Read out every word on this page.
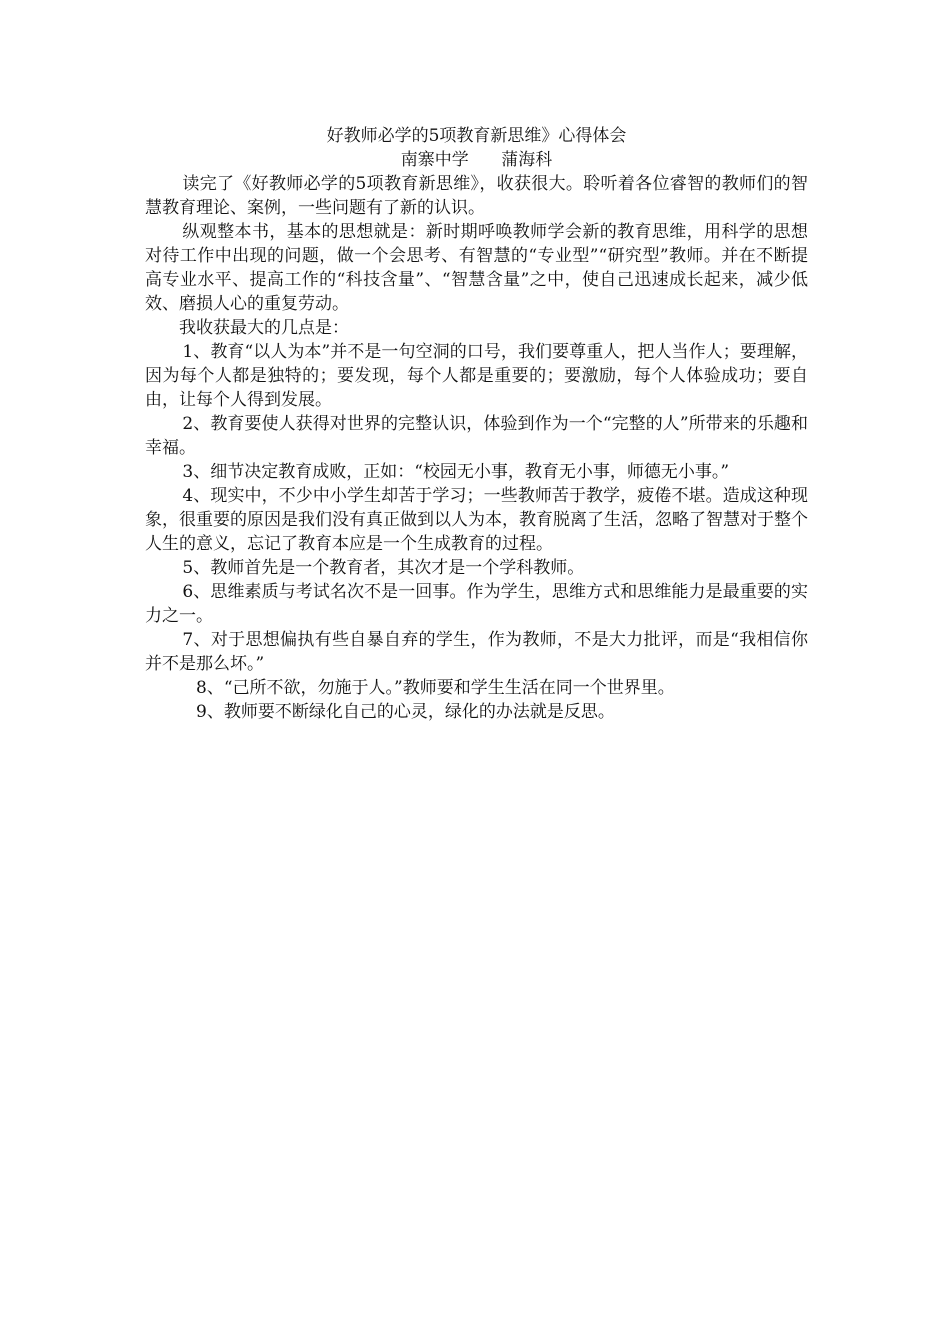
好教师必学的5项教育新思维》心得体会

南寨中学      蒲海科

读完了《好教师必学的5项教育新思维》，收获很大。聆听着各位睿智的教师们的智慧教育理论、案例，一些问题有了新的认识。

纵观整本书，基本的思想就是：新时期呼唤教师学会新的教育思维，用科学的思想对待工作中出现的问题，做一个会思考、有智慧的“专业型”“研究型”教师。并在不断提高专业水平、提高工作的“科技含量”、“智慧含量”之中，使自己迅速成长起来，减少低效、磨损人心的重复劳动。

我收获最大的几点是：

1、教育“以人为本”并不是一句空洞的口号，我们要尊重人，把人当作人；要理解，因为每个人都是独特的；要发现，每个人都是重要的；要激励，每个人体验成功；要自由，让每个人得到发展。

2、教育要使人获得对世界的完整认识，体验到作为一个“完整的人”所带来的乐趣和幸福。

3、细节决定教育成败，正如：“校园无小事，教育无小事，师德无小事。”

4、现实中，不少中小学生却苦于学习；一些教师苦于教学，疲倦不堪。造成这种现象，很重要的原因是我们没有真正做到以人为本，教育脱离了生活，忽略了智慧对于整个人生的意义，忘记了教育本应是一个生成教育的过程。

5、教师首先是一个教育者，其次才是一个学科教师。

6、思维素质与考试名次不是一回事。作为学生，思维方式和思维能力是最重要的实力之一。

7、对于思想偏执有些自暴自弃的学生，作为教师，不是大力批评，而是“我相信你并不是那么坏。”

8、“己所不欲，勿施于人。”教师要和学生生活在同一个世界里。

9、教师要不断绿化自己的心灵，绿化的办法就是反思。
